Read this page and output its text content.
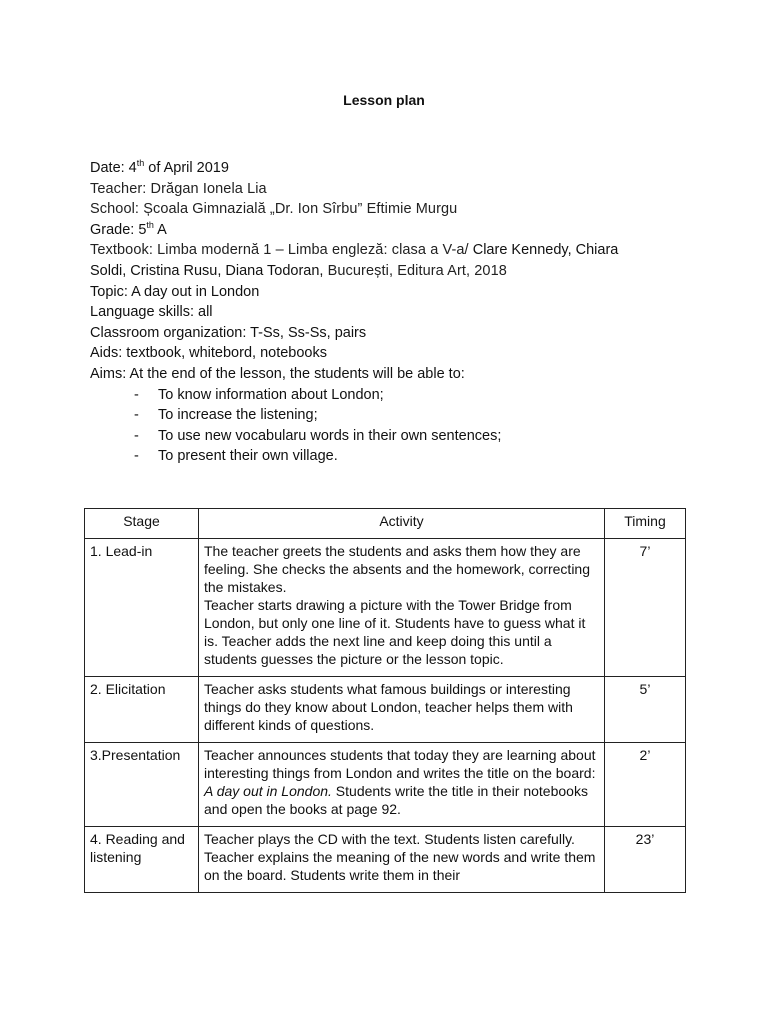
Lesson plan
Date: 4th of April 2019
Teacher: Drăgan Ionela Lia
School: Școala Gimnazială „Dr. Ion Sîrbu” Eftimie Murgu
Grade: 5th A
Textbook: Limba modernă 1 – Limba engleză: clasa a V-a/ Clare Kennedy, Chiara
Soldi, Cristina Rusu, Diana Todoran, București, Editura Art, 2018
Topic: A day out in London
Language skills: all
Classroom organization: T-Ss, Ss-Ss, pairs
Aids: textbook, whitebord, notebooks
Aims: At the end of the lesson, the students will be able to:
- To know information about London;
- To increase the listening;
- To use new vocabularu words in their own sentences;
- To present their own village.
Stage	Activity	Timing
1. Lead-in	The teacher greets the students and asks them how they are feeling. She checks the absents and the homework, correcting the mistakes.
Teacher starts drawing a picture with the Tower Bridge from London, but only one line of it. Students have to guess what it is. Teacher adds the next line and keep doing this until a students guesses the picture or the lesson topic.	7’
2. Elicitation	Teacher asks students what famous buildings or interesting things do they know about London, teacher helps them with different kinds of questions.	5’
3.Presentation	Teacher announces students that today they are learning about interesting things from London and writes the title on the board: A day out in London. Students write the title in their notebooks and open the books at page 92.	2’
4. Reading and listening	Teacher plays the CD with the text. Students listen carefully. Teacher explains the meaning of the new words and write them on the board. Students write them in their	23’
